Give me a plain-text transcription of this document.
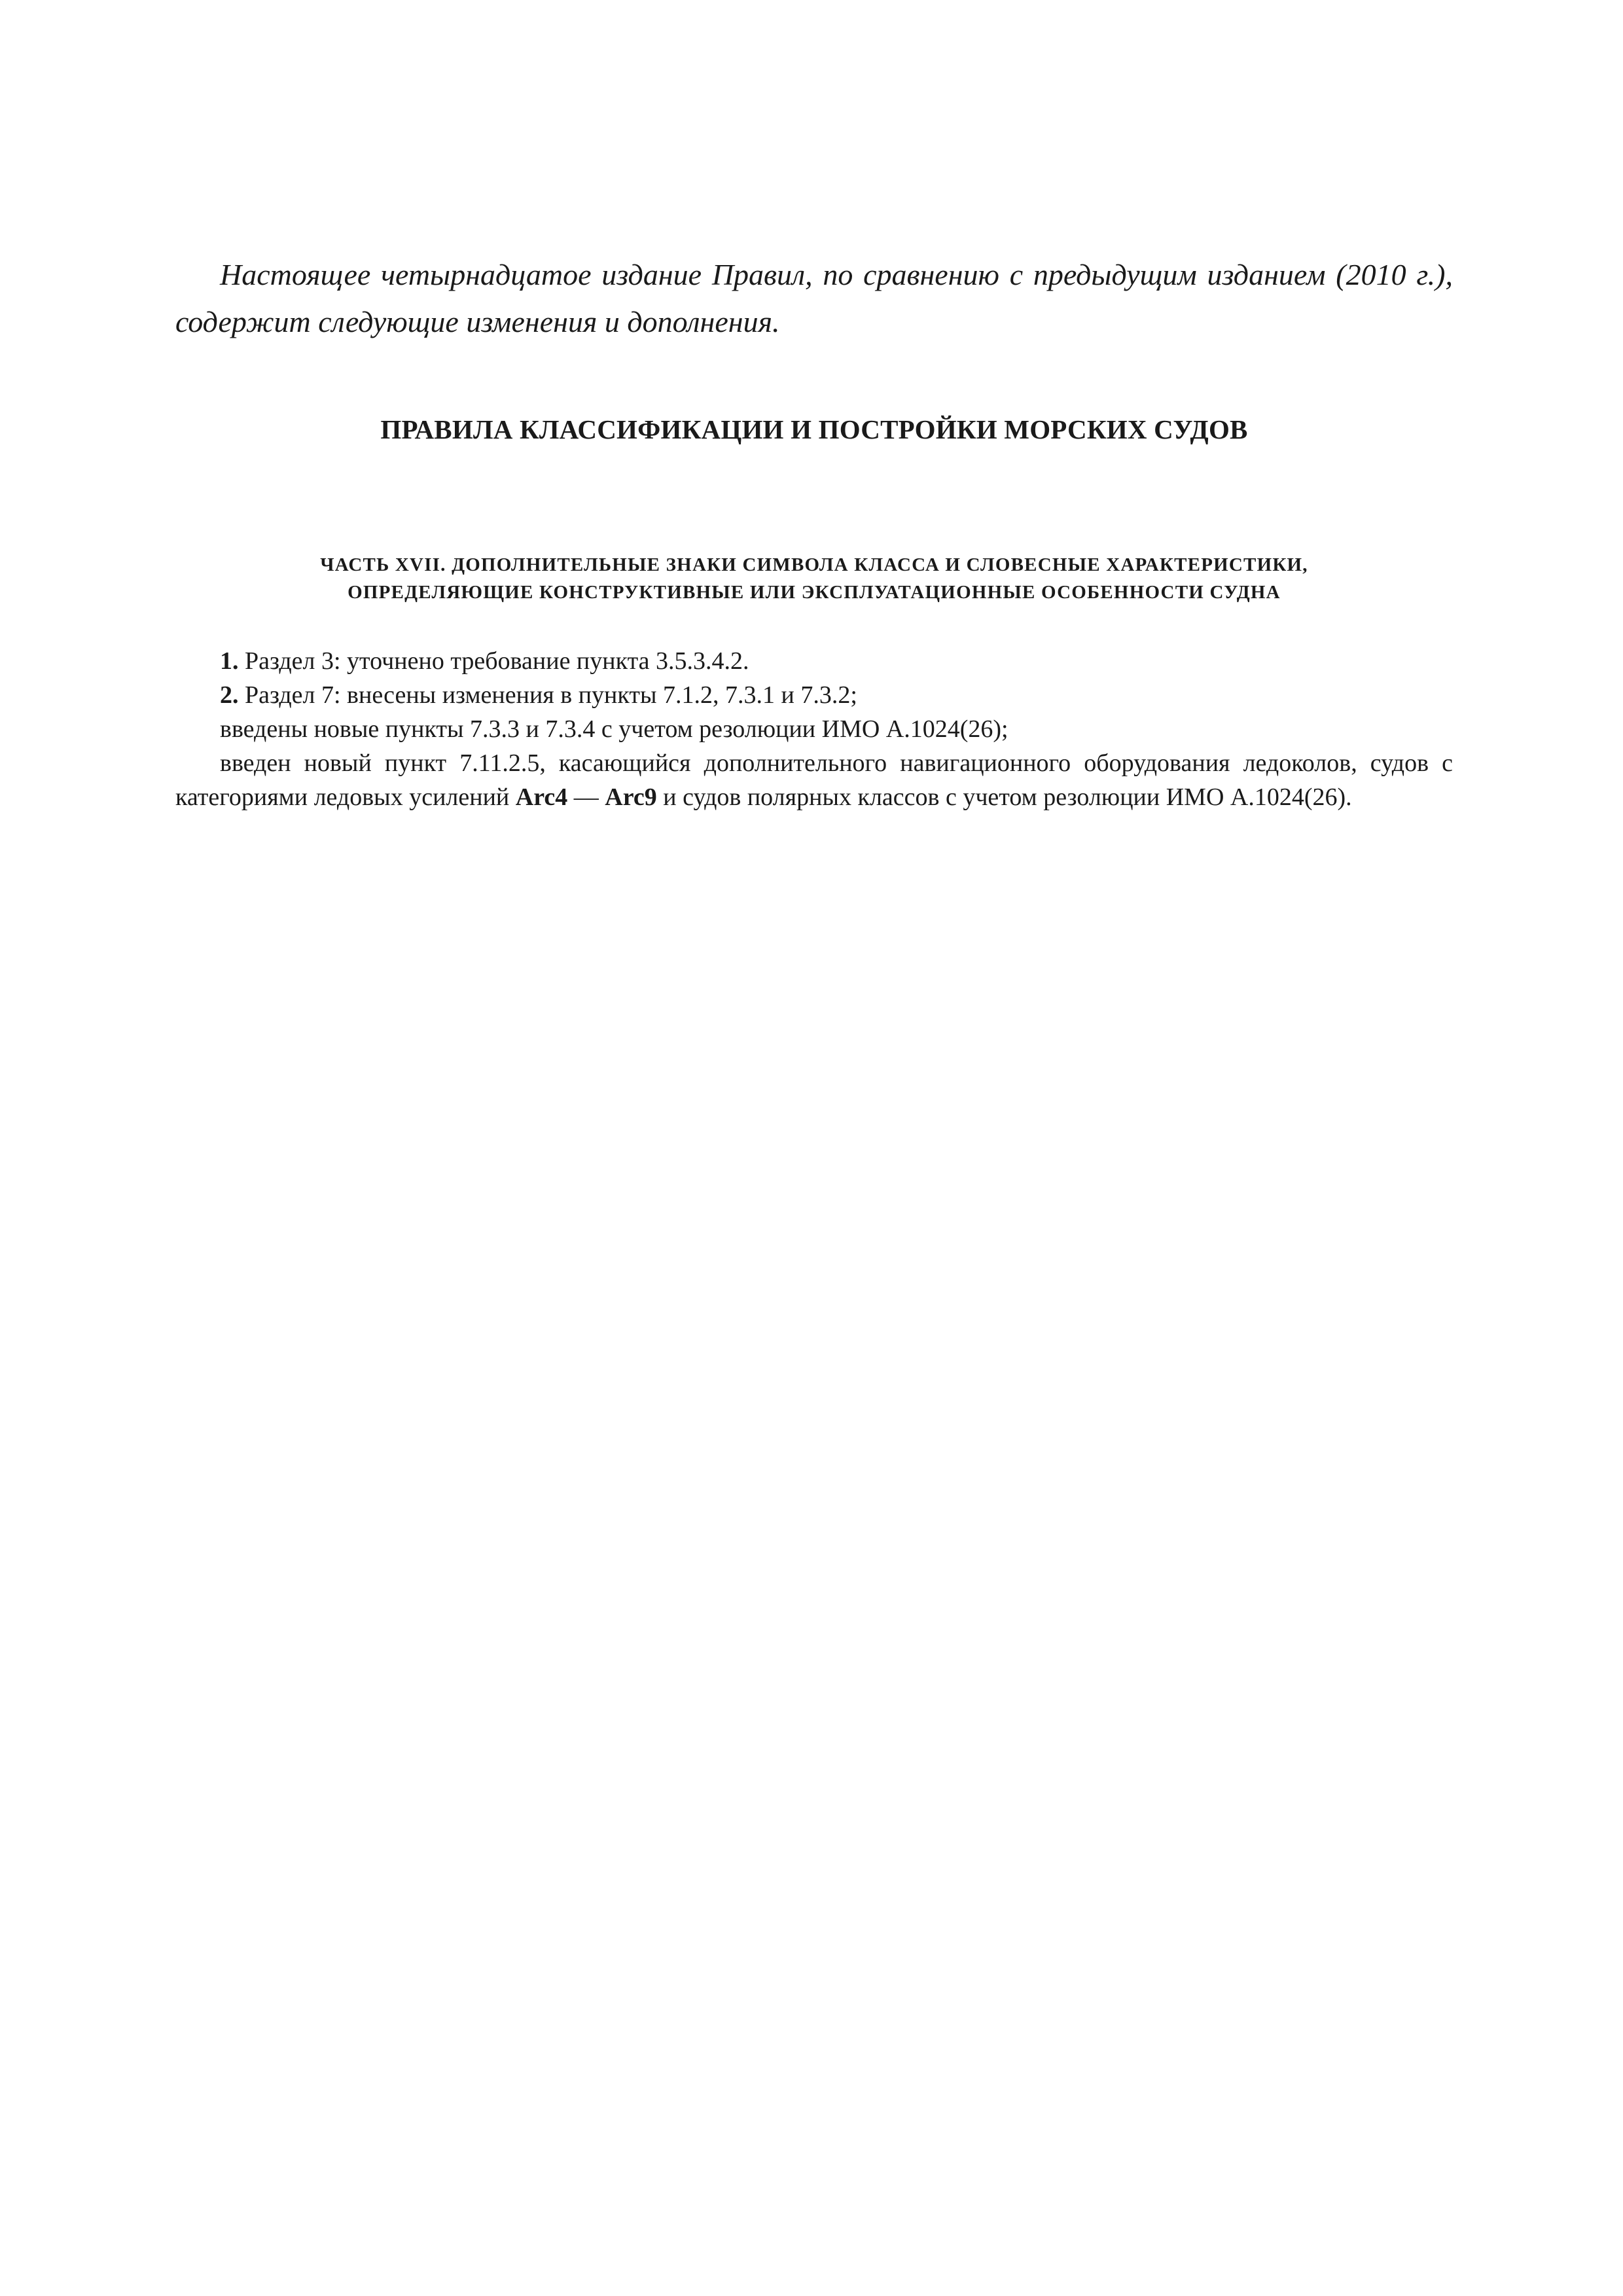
Настоящее четырнадцатое издание Правил, по сравнению с предыдущим изданием (2010 г.), содержит следующие изменения и дополнения.

ПРАВИЛА КЛАССИФИКАЦИИ И ПОСТРОЙКИ МОРСКИХ СУДОВ
ЧАСТЬ XVII. ДОПОЛНИТЕЛЬНЫЕ ЗНАКИ СИМВОЛА КЛАССА И СЛОВЕСНЫЕ ХАРАКТЕРИСТИКИ,
ОПРЕДЕЛЯЮЩИЕ КОНСТРУКТИВНЫЕ ИЛИ ЭКСПЛУАТАЦИОННЫЕ ОСОБЕННОСТИ СУДНА

1. Раздел 3: уточнено требование пункта 3.5.3.4.2.

2. Раздел 7: внесены изменения в пункты 7.1.2, 7.3.1 и 7.3.2;

введены новые пункты 7.3.3 и 7.3.4 с учетом резолюции ИМО А.1024(26);

введен новый пункт 7.11.2.5, касающийся дополнительного навигационного оборудования ледоколов, судов с категориями ледовых усилений Arc4 — Arc9 и судов полярных классов с учетом резолюции ИМО А.1024(26).
